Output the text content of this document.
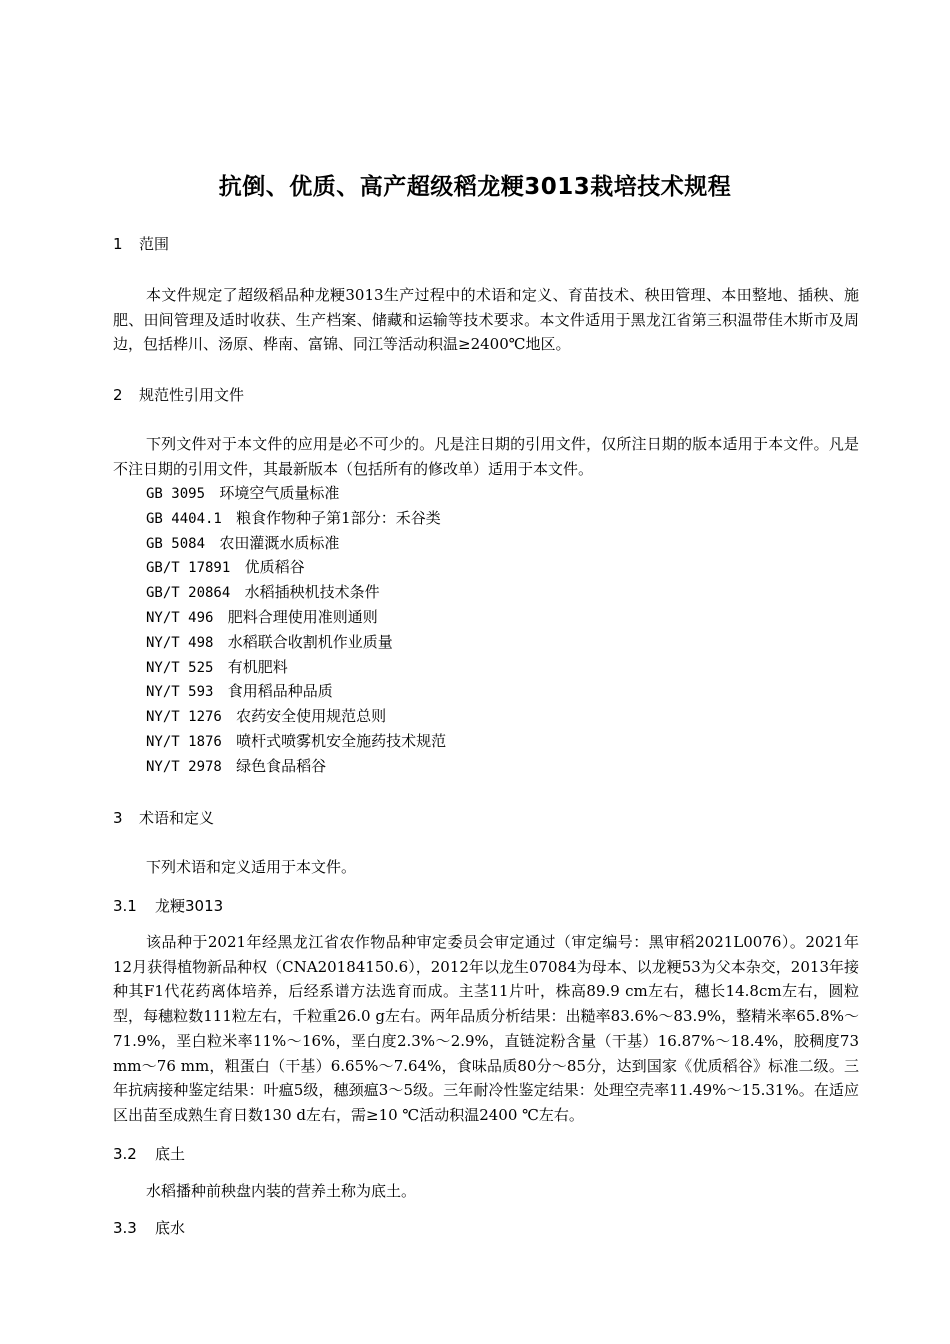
抗倒、优质、高产超级稻龙粳3013栽培技术规程
1 范围
本文件规定了超级稻品种龙粳3013生产过程中的术语和定义、育苗技术、秧田管理、本田整地、插秧、施肥、田间管理及适时收获、生产档案、储藏和运输等技术要求。本文件适用于黑龙江省第三积温带佳木斯市及周边，包括桦川、汤原、桦南、富锦、同江等活动积温≥2400℃地区。
2 规范性引用文件
下列文件对于本文件的应用是必不可少的。凡是注日期的引用文件，仅所注日期的版本适用于本文件。凡是不注日期的引用文件，其最新版本（包括所有的修改单）适用于本文件。
GB 3095 环境空气质量标准
GB 4404.1 粮食作物种子第1部分：禾谷类
GB 5084 农田灌溉水质标准
GB/T 17891 优质稻谷
GB/T 20864 水稻插秧机技术条件
NY/T 496 肥料合理使用准则通则
NY/T 498 水稻联合收割机作业质量
NY/T 525 有机肥料
NY/T 593 食用稻品种品质
NY/T 1276 农药安全使用规范总则
NY/T 1876 喷杆式喷雾机安全施药技术规范
NY/T 2978 绿色食品稻谷
3 术语和定义
下列术语和定义适用于本文件。
3.1 龙粳3013
该品种于2021年经黑龙江省农作物品种审定委员会审定通过（审定编号：黑审稻2021L0076）。2021年12月获得植物新品种权（CNA20184150.6），2012年以龙生07084为母本、以龙粳53为父本杂交，2013年接种其F1代花药离体培养，后经系谱方法选育而成。主茎11片叶，株高89.9 cm左右，穗长14.8cm左右，圆粒型，每穗粒数111粒左右，千粒重26.0 g左右。两年品质分析结果：出糙率83.6%～83.9%，整精米率65.8%～71.9%，垩白粒米率11%～16%，垩白度2.3%～2.9%，直链淀粉含量（干基）16.87%～18.4%，胶稠度73 mm～76 mm，粗蛋白（干基）6.65%～7.64%，食味品质80分～85分，达到国家《优质稻谷》标准二级。三年抗病接种鉴定结果：叶瘟5级，穗颈瘟3～5级。三年耐冷性鉴定结果：处理空壳率11.49%～15.31%。在适应区出苗至成熟生育日数130 d左右，需≥10 ℃活动积温2400 ℃左右。
3.2 底土
水稻播种前秧盘内装的营养土称为底土。
3.3 底水
